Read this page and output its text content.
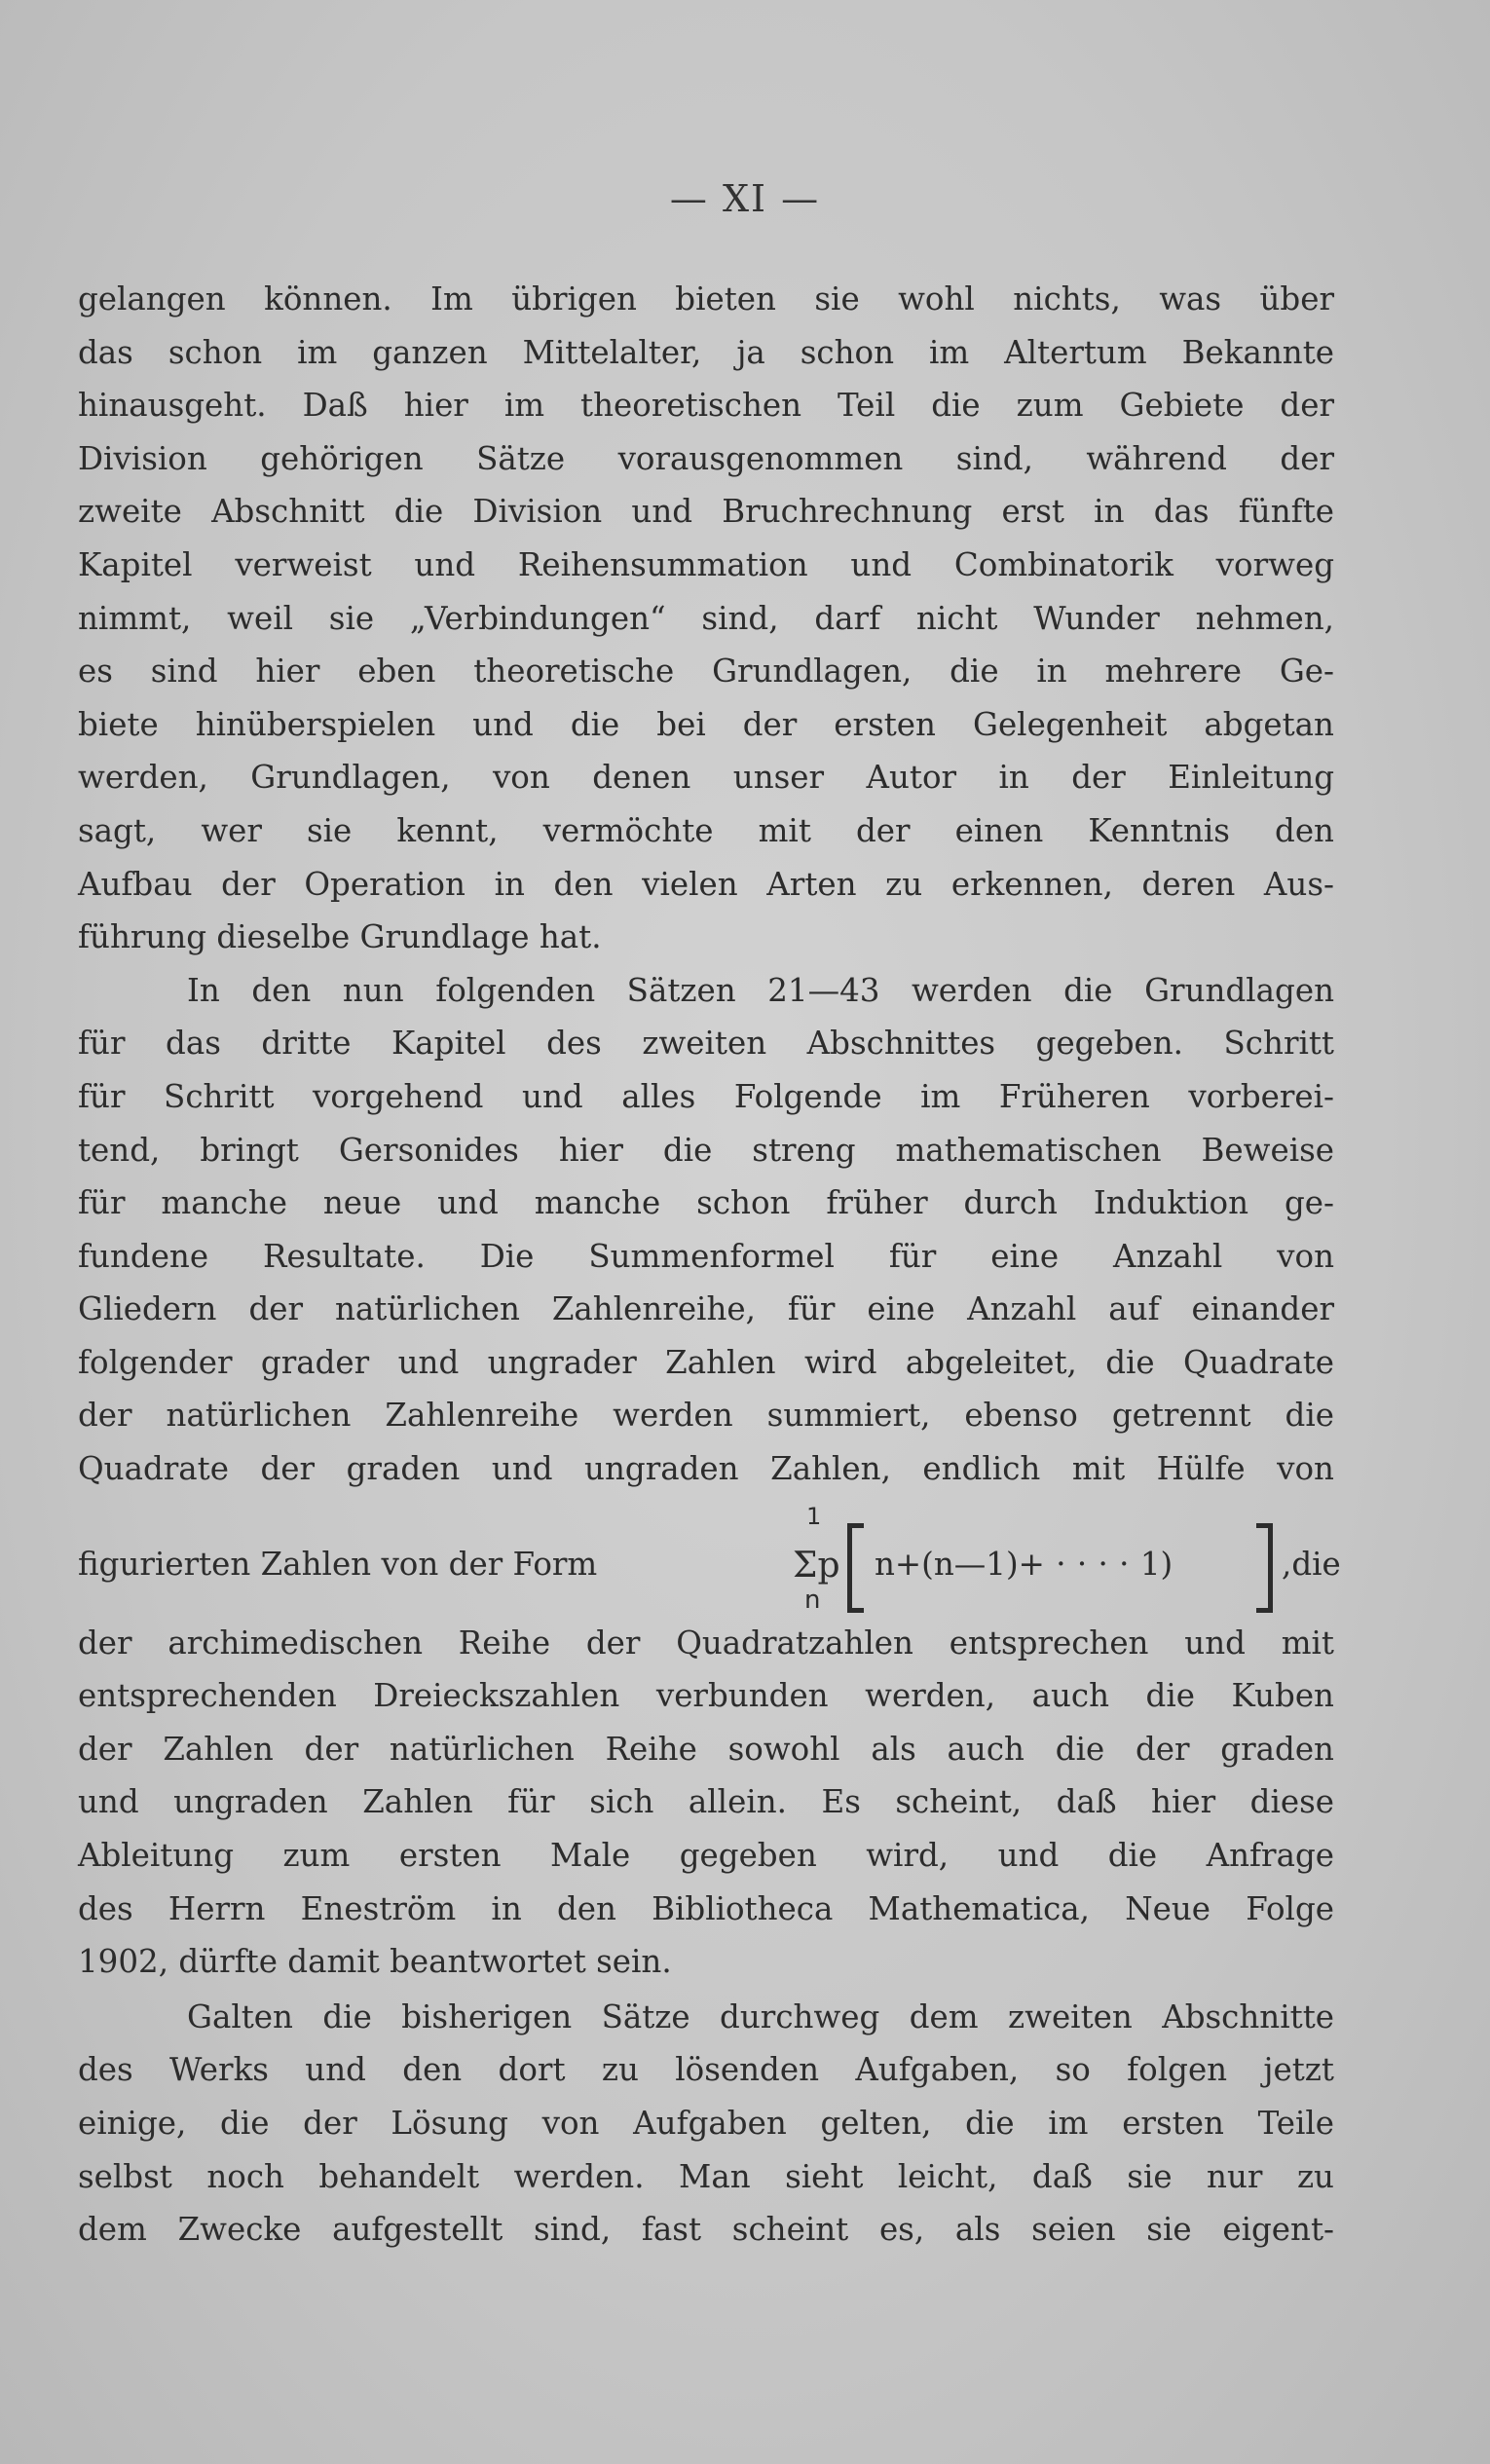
— XI —
gelangen können. Im übrigen bieten sie wohl nichts, was über
das schon im ganzen Mittelalter, ja schon im Altertum Bekannte
hinausgeht. Daß hier im theoretischen Teil die zum Gebiete der
Division gehörigen Sätze vorausgenommen sind, während der
zweite Abschnitt die Division und Bruchrechnung erst in das fünfte
Kapitel verweist und Reihensummation und Combinatorik vorweg
nimmt, weil sie „Verbindungen“ sind, darf nicht Wunder nehmen,
es sind hier eben theoretische Grundlagen, die in mehrere Ge-
biete hinüberspielen und die bei der ersten Gelegenheit abgetan
werden, Grundlagen, von denen unser Autor in der Einleitung
sagt, wer sie kennt, vermöchte mit der einen Kenntnis den
Aufbau der Operation in den vielen Arten zu erkennen, deren Aus-
führung dieselbe Grundlage hat.
In den nun folgenden Sätzen 21—43 werden die Grundlagen
für das dritte Kapitel des zweiten Abschnittes gegeben. Schritt
für Schritt vorgehend und alles Folgende im Früheren vorberei-
tend, bringt Gersonides hier die streng mathematischen Beweise
für manche neue und manche schon früher durch Induktion ge-
fundene Resultate. Die Summenformel für eine Anzahl von
Gliedern der natürlichen Zahlenreihe, für eine Anzahl auf einander
folgender grader und ungrader Zahlen wird abgeleitet, die Quadrate
der natürlichen Zahlenreihe werden summiert, ebenso getrennt die
Quadrate der graden und ungraden Zahlen, endlich mit Hülfe von
figurierten Zahlen von der Form
1
Σp
n
n+(n—1)+ · · · · 1)	,die
der archimedischen Reihe der Quadratzahlen entsprechen und mit
entsprechenden Dreieckszahlen verbunden werden, auch die Kuben
der Zahlen der natürlichen Reihe sowohl als auch die der graden
und ungraden Zahlen für sich allein. Es scheint, daß hier diese
Ableitung zum ersten Male gegeben wird, und die Anfrage
des Herrn Eneström in den Bibliotheca Mathematica, Neue Folge
1902, dürfte damit beantwortet sein.
Galten die bisherigen Sätze durchweg dem zweiten Abschnitte
des Werks und den dort zu lösenden Aufgaben, so folgen jetzt
einige, die der Lösung von Aufgaben gelten, die im ersten Teile
selbst noch behandelt werden. Man sieht leicht, daß sie nur zu
dem Zwecke aufgestellt sind, fast scheint es, als seien sie eigent-
